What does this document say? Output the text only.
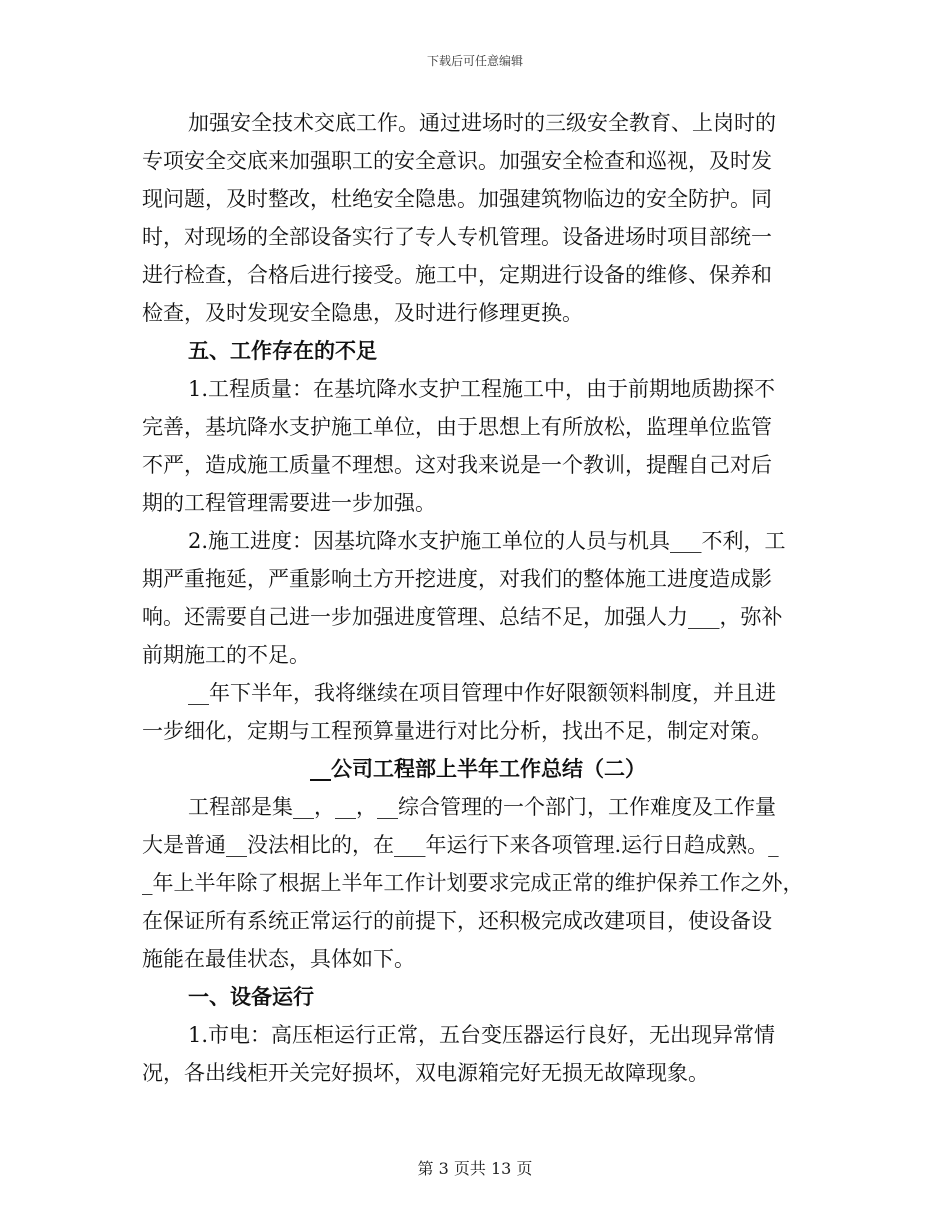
下载后可任意编辑
加强安全技术交底工作。通过进场时的三级安全教育、上岗时的
专项安全交底来加强职工的安全意识。加强安全检查和巡视，及时发
现问题，及时整改，杜绝安全隐患。加强建筑物临边的安全防护。同
时，对现场的全部设备实行了专人专机管理。设备进场时项目部统一
进行检查，合格后进行接受。施工中，定期进行设备的维修、保养和
检查，及时发现安全隐患，及时进行修理更换。
五、工作存在的不足
1.工程质量：在基坑降水支护工程施工中，由于前期地质勘探不
完善，基坑降水支护施工单位，由于思想上有所放松，监理单位监管
不严，造成施工质量不理想。这对我来说是一个教训，提醒自己对后
期的工程管理需要进一步加强。
2.施工进度：因基坑降水支护施工单位的人员与机具___不利，工
期严重拖延，严重影响土方开挖进度，对我们的整体施工进度造成影
响。还需要自己进一步加强进度管理、总结不足，加强人力___，弥补
前期施工的不足。
__年下半年，我将继续在项目管理中作好限额领料制度，并且进
一步细化，定期与工程预算量进行对比分析，找出不足，制定对策。
__公司工程部上半年工作总结（二）
工程部是集__，__，__综合管理的一个部门，工作难度及工作量
大是普通__没法相比的，在___年运行下来各项管理.运行日趋成熟。_
_年上半年除了根据上半年工作计划要求完成正常的维护保养工作之外，
在保证所有系统正常运行的前提下，还积极完成改建项目，使设备设
施能在最佳状态，具体如下。
一、设备运行
1.市电：高压柜运行正常，五台变压器运行良好，无出现异常情
况，各出线柜开关完好损坏，双电源箱完好无损无故障现象。
第 3 页共 13 页
